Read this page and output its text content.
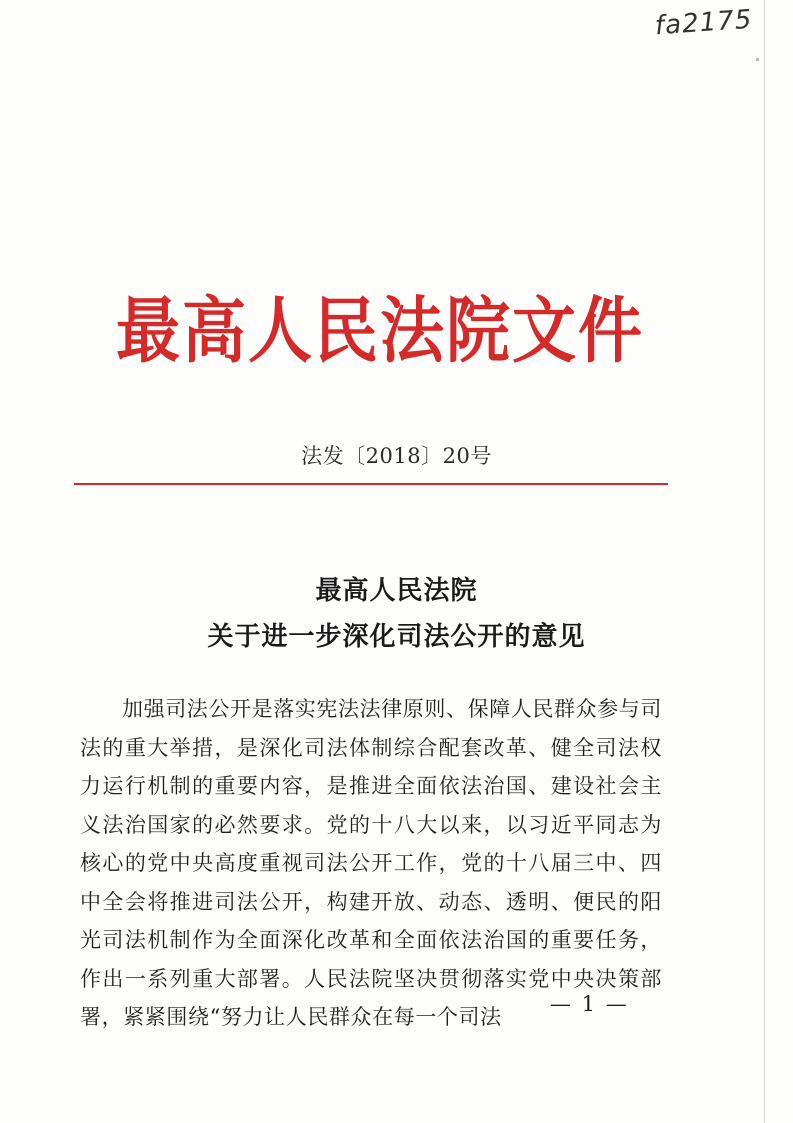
fa2175
最高人民法院文件
法发〔2018〕20号
最高人民法院
关于进一步深化司法公开的意见

加强司法公开是落实宪法法律原则、保障人民群众参与司法的重大举措，是深化司法体制综合配套改革、健全司法权力运行机制的重要内容，是推进全面依法治国、建设社会主义法治国家的必然要求。党的十八大以来，以习近平同志为核心的党中央高度重视司法公开工作，党的十八届三中、四中全会将推进司法公开，构建开放、动态、透明、便民的阳光司法机制作为全面深化改革和全面依法治国的重要任务，作出一系列重大部署。人民法院坚决贯彻落实党中央决策部署，紧紧围绕“努力让人民群众在每一个司法

— 1 —
